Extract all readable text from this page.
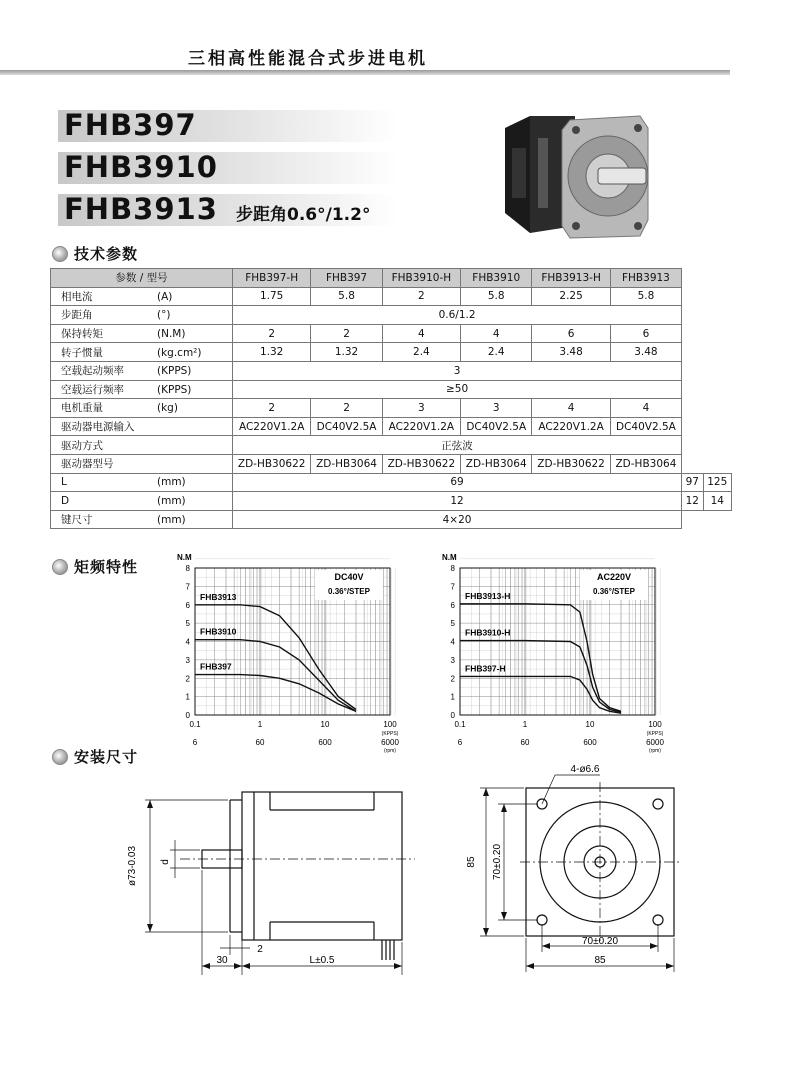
三相高性能混合式步进电机
FHB397
FHB3910
FHB3913 步距角0.6°/1.2°
技术参数
参数 / 型号	FHB397-H	FHB397	FHB3910-H	FHB3910	FHB3913-H	FHB3913		
相电流 (A)	1.75	5.8	2	5.8	2.25	5.8		
步距角 (°)	0.6/1.2							
保持转矩 (N.M)	2	2	4	4	6	6		
转子惯量 (kg.cm²)	1.32	1.32	2.4	2.4	3.48	3.48		
空载起动频率 (KPPS)	3							
空载运行频率 (KPPS)	≥50							
电机重量 (kg)	2	2	3	3	4	4		
驱动器电源输入	AC220V1.2A	DC40V2.5A	AC220V1.2A	DC40V2.5A	AC220V1.2A	DC40V2.5A		
驱动方式	正弦波							
驱动器型号	ZD-HB30622	ZD-HB3064	ZD-HB30622	ZD-HB3064	ZD-HB30622	ZD-HB3064		
L (mm)	69						97	125
D (mm)	12						12	14
键尺寸 (mm)	4×20							
矩频特性
N.M
0
1
2
3
4
5
6
7
8
0.1
6
1
60
10
600
100
6000
(KPPS)
(rpm)
DC40V
0.36°/STEP
FHB3913
FHB3910
FHB397
N.M
0
1
2
3
4
5
6
7
8
0.1
6
1
60
10
600
100
6000
(KPPS)
(rpm)
AC220V
0.36°/STEP
FHB3913-H
FHB3910-H
FHB397-H
安装尺寸
ø73-0.03 d
2
30	L±0.5
4-ø6.6
85 70±0.20
70±0.20
85
